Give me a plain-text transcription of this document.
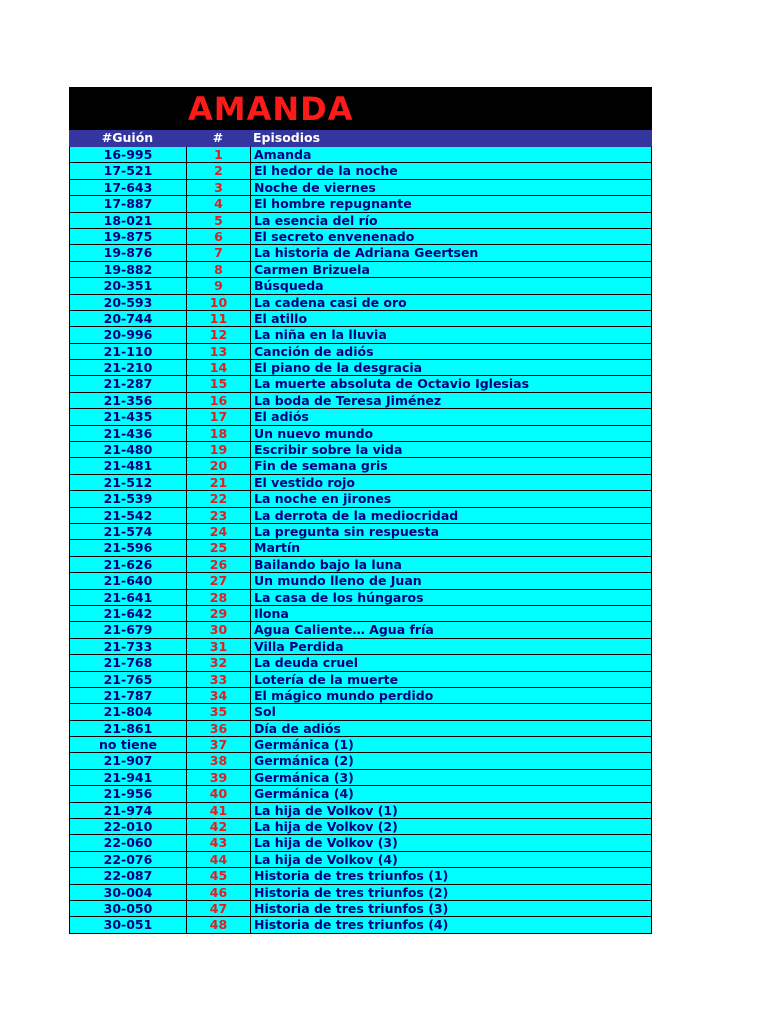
AMANDA
#Guión	#	Episodios
16-995	1	Amanda
17-521	2	El hedor de la noche
17-643	3	Noche de viernes
17-887	4	El hombre repugnante
18-021	5	La esencia del río
19-875	6	El secreto envenenado
19-876	7	La historia de Adriana Geertsen
19-882	8	Carmen Brizuela
20-351	9	Búsqueda
20-593	10	La cadena casi de oro
20-744	11	El atillo
20-996	12	La niña en la lluvia
21-110	13	Canción de adiós
21-210	14	El piano de la desgracia
21-287	15	La muerte absoluta de Octavio Iglesias
21-356	16	La boda de Teresa Jiménez
21-435	17	El adiós
21-436	18	Un nuevo mundo
21-480	19	Escribir sobre la vida
21-481	20	Fin de semana gris
21-512	21	El vestido rojo
21-539	22	La noche en jirones
21-542	23	La derrota de la mediocridad
21-574	24	La pregunta sin respuesta
21-596	25	Martín
21-626	26	Bailando bajo la luna
21-640	27	Un mundo lleno de Juan
21-641	28	La casa de los húngaros
21-642	29	Ilona
21-679	30	Agua Caliente… Agua fría
21-733	31	Villa Perdida
21-768	32	La deuda cruel
21-765	33	Lotería de la muerte
21-787	34	El mágico mundo perdido
21-804	35	Sol
21-861	36	Día de adiós
no tiene	37	Germánica (1)
21-907	38	Germánica (2)
21-941	39	Germánica (3)
21-956	40	Germánica (4)
21-974	41	La hija de Volkov (1)
22-010	42	La hija de Volkov (2)
22-060	43	La hija de Volkov (3)
22-076	44	La hija de Volkov (4)
22-087	45	Historia de tres triunfos (1)
30-004	46	Historia de tres triunfos (2)
30-050	47	Historia de tres triunfos (3)
30-051	48	Historia de tres triunfos (4)
